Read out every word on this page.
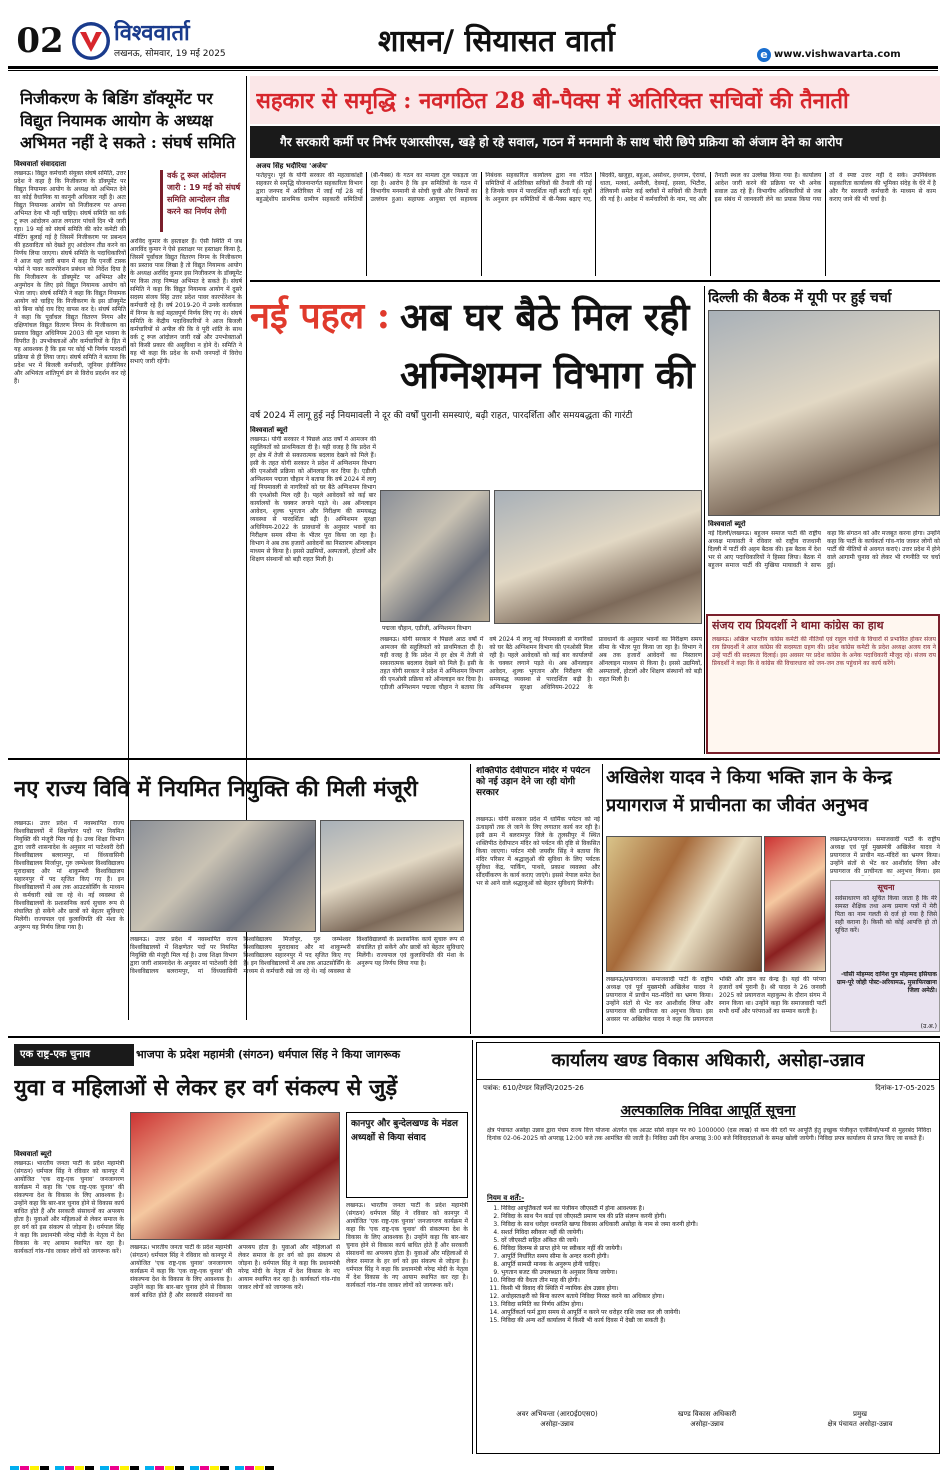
02 विश्ववार्ता
लखनऊ, सोमवार, 19 मई 2025	शासन/ सियासत वार्ता	e www.vishwavarta.com
निजीकरण के बिडिंग डॉक्यूमेंट पर विद्युत नियामक आयोग के अध्यक्ष अभिमत नहीं दे सकते : संघर्ष समिति
विश्ववार्ता संवाददाता
वर्क टू रूल आंदोलन जारी : 19 मई को संघर्ष समिति आन्दोलन तीव्र करने का निर्णय लेगी
लखनऊ। विद्युत कर्मचारी संयुक्त संघर्ष समिति, उत्तर प्रदेश ने कहा है कि निजीकरण के डॉक्यूमेंट पर विद्युत नियामक आयोग के अध्यक्ष को अभिमत देने का कोई वैधानिक या कानूनी अधिकार नहीं है। अतः विद्युत नियामक आयोग को निजीकरण पर अपना अभिमत देना भी नहीं चाहिए। संघर्ष समिति का वर्क टू रूल आंदोलन आज लगातार पांचवें दिन भी जारी रहा। 19 मई को संघर्ष समिति की कोर कमेटी की मीटिंग बुलाई गई है जिसमें निजीकरण पर प्रबन्धन की हठवादिता को देखते हुए आंदोलन तीव्र करने का निर्णय लिया जाएगा। संघर्ष समिति के पदाधिकारियों ने आज यहां जारी बयान में कहा कि एनर्जी टास्क फोर्स ने पावर कारपोरेशन प्रबंधन को निर्देश दिया है कि निजीकरण के डॉक्यूमेंट पर अभिमत और अनुमोदन के लिए इसे विद्युत नियामक आयोग को भेजा जाए। संघर्ष समिति ने कहा कि विद्युत नियामक आयोग को चाहिए कि निजीकरण के इस डॉक्यूमेंट को बिना कोई राय दिए वापस कर दे। संघर्ष समिति ने कहा कि पूर्वांचल विद्युत वितरण निगम और दक्षिणांचल विद्युत वितरण निगम के निजीकरण का प्रस्ताव विद्युत अधिनियम 2003 की मूल भावना के विपरीत है। उपभोक्ताओं और कर्मचारियों के हित में यह आवश्यक है कि इस पर कोई भी निर्णय पारदर्शी प्रक्रिया से ही लिया जाए। संघर्ष समिति ने बताया कि प्रदेश भर में बिजली कर्मचारी, जूनियर इंजीनियर और अभियंता शांतिपूर्ण ढंग से विरोध प्रदर्शन कर रहे हैं।
अरविंद कुमार के हस्ताक्षर हैं। ऐसी स्थिति में जब आरविंद कुमार ने ऐसे हस्ताक्षर पर हस्ताक्षर किया है, जिसमें पूर्वांचल विद्युत वितरण निगम के निजीकरण का प्रस्ताव पास लिखा है तो विद्युत नियामक आयोग के अध्यक्ष अरविंद कुमार इस निजीकरण के डॉक्यूमेंट पर किस तरह निष्पक्ष अभिमत दे सकते हैं। संघर्ष समिति ने कहा कि विद्युत नियामक आयोग में दूसरे सदस्य संजय सिंह उत्तर प्रदेश पावर कारपोरेशन के कर्मचारी रहे हैं। वर्ष 2019-20 में उनके कार्यकाल में निगम के कई महत्वपूर्ण निर्णय लिए गए थे। संघर्ष समिति के केंद्रीय पदाधिकारियों ने आज बिजली कर्मचारियों से अपील की कि वे पूरी शांति के साथ वर्क टू रूल आंदोलन जारी रखें और उपभोक्ताओं को किसी प्रकार की असुविधा न होने दें। समिति ने यह भी कहा कि प्रदेश के सभी जनपदों में विरोध सभाएं जारी रहेंगी।
सहकार से समृद्धि : नवगठित 28 बी-पैक्स में अतिरिक्त सचिवों की तैनाती
गैर सरकारी कर्मी पर निर्भर एआरसीएस, खड़े हो रहे सवाल, गठन में मनमानी के साथ चोरी छिपे प्रक्रिया को अंजाम देने का आरोप
अजय सिंह भदौरिया 'अजेय'
फतेहपुर। पूर्व के योगी सरकार की महत्वाकांक्षी सहकार से समृद्धि योजनान्तर्गत सहकारिता विभाग द्वारा जनपद में अतिरिक्त में जाई गईं 28 नई बहुउद्देशीय प्राथमिक ग्रामीण सहकारी समितियों (बी-पैक्स) के गठन का मामला तूल पकड़ता जा रहा है। आरोप है कि इन समितियों के गठन में विभागीय मनमानी से सोची कूची और नियमों का उल्लंघन हुआ। सहायक आयुक्त एवं सहायक निबंधक सहकारिता कार्यालय द्वारा नव गठित समितियों में अतिरिक्त सचिवों की तैनाती की गई है जिनके चयन में पारदर्शिता नहीं बरती गई। सूत्रों के अनुसार इन समितियों में बी-पैक्स बढ़ाए गए, बिंदकी, खजुहा, बहुआ, असोथर, हथगाम, ऐरायां, धाता, मलवां, अमौली, देवमई, हसवा, भिटौरा, तेलियानी समेत कई ब्लॉकों में सचिवों की तैनाती की गई है। आदेश में कर्मचारियों के नाम, पद और तैनाती स्थल का उल्लेख किया गया है। कार्यालय आदेश जारी करने की प्रक्रिया पर भी अनेक सवाल उठ रहे हैं। विभागीय अधिकारियों से जब इस संबंध में जानकारी लेने का प्रयास किया गया तो वे स्पष्ट उत्तर नहीं दे सके। उपनिबंधक सहकारिता कार्यालय की भूमिका संदेह के घेरे में है और गैर सरकारी कर्मचारी के माध्यम से काम कराए जाने की भी चर्चा है।
नई पहल : अब घर बैठे मिल रही अग्निशमन विभाग की
वर्ष 2024 में लागू हुई नई नियमावली ने दूर की वर्षों पुरानी समस्याएं, बढ़ी राहत, पारदर्शिता और समयबद्धता की गारंटी
पद्मजा चौहान, एडीजी, अग्निशमन विभाग
विश्ववार्ता ब्यूरो
लखनऊ। योगी सरकार ने पिछले आठ वर्षों में आमजन की सहूलियतों को प्राथमिकता दी है। यही वजह है कि प्रदेश में हर क्षेत्र में तेजी से सकारात्मक बदलाव देखने को मिले हैं। इसी के तहत योगी सरकार ने प्रदेश में अग्निशमन विभाग की एनओसी प्रक्रिया को ऑनलाइन कर दिया है। एडीजी अग्निशमन पद्मजा चौहान ने बताया कि वर्ष 2024 में लागू नई नियमावली से नागरिकों को घर बैठे अग्निशमन विभाग की एनओसी मिल रही है। पहले आवेदकों को कई बार कार्यालयों के चक्कर लगाने पड़ते थे। अब ऑनलाइन आवेदन, शुल्क भुगतान और निरीक्षण की समयबद्ध व्यवस्था से पारदर्शिता बढ़ी है। अग्निशमन सुरक्षा अधिनियम-2022 के प्रावधानों के अनुसार भवनों का निरीक्षण समय सीमा के भीतर पूरा किया जा रहा है। विभाग ने अब तक हजारों आवेदनों का निस्तारण ऑनलाइन माध्यम से किया है। इससे उद्यमियों, अस्पतालों, होटलों और शिक्षण संस्थानों को बड़ी राहत मिली है।
लखनऊ। योगी सरकार ने पिछले आठ वर्षों में आमजन की सहूलियतों को प्राथमिकता दी है। यही वजह है कि प्रदेश में हर क्षेत्र में तेजी से सकारात्मक बदलाव देखने को मिले हैं। इसी के तहत योगी सरकार ने प्रदेश में अग्निशमन विभाग की एनओसी प्रक्रिया को ऑनलाइन कर दिया है। एडीजी अग्निशमन पद्मजा चौहान ने बताया कि वर्ष 2024 में लागू नई नियमावली से नागरिकों को घर बैठे अग्निशमन विभाग की एनओसी मिल रही है। पहले आवेदकों को कई बार कार्यालयों के चक्कर लगाने पड़ते थे। अब ऑनलाइन आवेदन, शुल्क भुगतान और निरीक्षण की समयबद्ध व्यवस्था से पारदर्शिता बढ़ी है। अग्निशमन सुरक्षा अधिनियम-2022 के प्रावधानों के अनुसार भवनों का निरीक्षण समय सीमा के भीतर पूरा किया जा रहा है। विभाग ने अब तक हजारों आवेदनों का निस्तारण ऑनलाइन माध्यम से किया है। इससे उद्यमियों, अस्पतालों, होटलों और शिक्षण संस्थानों को बड़ी राहत मिली है।
दिल्ली की बैठक में यूपी पर हुई चर्चा
विश्ववार्ता ब्यूरो
नई दिल्ली/लखनऊ। बहुजन समाज पार्टी की राष्ट्रीय अध्यक्ष मायावती ने रविवार को राष्ट्रीय राजधानी दिल्ली में पार्टी की अहम बैठक की। इस बैठक में देश भर से आए पदाधिकारियों ने हिस्सा लिया। बैठक में बहुजन समाज पार्टी की मुखिया मायावती ने साफ कहा कि संगठन को और मजबूत करना होगा। उन्होंने कहा कि पार्टी के कार्यकर्ता गांव-गांव जाकर लोगों को पार्टी की नीतियों से अवगत कराएं। उत्तर प्रदेश में होने वाले आगामी चुनाव को लेकर भी रणनीति पर चर्चा हुई।
संजय राय प्रियदर्शी ने थामा कांग्रेस का हाथ
लखनऊ। अखिल भारतीय कांग्रेस कमेटी की नीतियों एवं राहुल गांधी के विचारों से प्रभावित होकर संजय राय प्रियदर्शी ने आज कांग्रेस की सदस्यता ग्रहण की। प्रदेश कांग्रेस कमेटी के प्रदेश अध्यक्ष अजय राय ने उन्हें पार्टी की सदस्यता दिलाई। इस अवसर पर प्रदेश कांग्रेस के अनेक पदाधिकारी मौजूद रहे। संजय राय प्रियदर्शी ने कहा कि वे कांग्रेस की विचारधारा को जन-जन तक पहुंचाने का कार्य करेंगे।
नए राज्य विवि में नियमित नियुक्ति की मिली मंजूरी
लखनऊ। उत्तर प्रदेश में नवस्थापित राज्य विश्वविद्यालयों में शिक्षणेतर पदों पर नियमित नियुक्ति की मंजूरी मिल गई है। उच्च शिक्षा विभाग द्वारा जारी शासनादेश के अनुसार मां पाटेश्वरी देवी विश्वविद्यालय बलरामपुर, मां विंध्यवासिनी विश्वविद्यालय मिर्जापुर, गुरु जम्भेश्वर विश्वविद्यालय मुरादाबाद और मां शाकुम्भरी विश्वविद्यालय सहारनपुर में पद सृजित किए गए हैं। इन विश्वविद्यालयों में अब तक आउटसोर्सिंग के माध्यम से कर्मचारी रखे जा रहे थे। नई व्यवस्था से विश्वविद्यालयों के प्रशासनिक कार्य सुचारु रूप से संचालित हो सकेंगे और छात्रों को बेहतर सुविधाएं मिलेंगी। राज्यपाल एवं कुलाधिपति की मंशा के अनुरूप यह निर्णय लिया गया है।
लखनऊ। उत्तर प्रदेश में नवस्थापित राज्य विश्वविद्यालयों में शिक्षणेतर पदों पर नियमित नियुक्ति की मंजूरी मिल गई है। उच्च शिक्षा विभाग द्वारा जारी शासनादेश के अनुसार मां पाटेश्वरी देवी विश्वविद्यालय बलरामपुर, मां विंध्यवासिनी विश्वविद्यालय मिर्जापुर, गुरु जम्भेश्वर विश्वविद्यालय मुरादाबाद और मां शाकुम्भरी विश्वविद्यालय सहारनपुर में पद सृजित किए गए हैं। इन विश्वविद्यालयों में अब तक आउटसोर्सिंग के माध्यम से कर्मचारी रखे जा रहे थे। नई व्यवस्था से विश्वविद्यालयों के प्रशासनिक कार्य सुचारु रूप से संचालित हो सकेंगे और छात्रों को बेहतर सुविधाएं मिलेंगी। राज्यपाल एवं कुलाधिपति की मंशा के अनुरूप यह निर्णय लिया गया है।
शक्तिपीठ देवीपाटन मंदिर में पर्यटन को नई उड़ान देने जा रही योगी सरकार
लखनऊ। योगी सरकार प्रदेश में धार्मिक पर्यटन को नई ऊंचाइयों तक ले जाने के लिए लगातार कार्य कर रही है। इसी क्रम में बलरामपुर जिले के तुलसीपुर में स्थित शक्तिपीठ देवीपाटन मंदिर को पर्यटन की दृष्टि से विकसित किया जाएगा। पर्यटन मंत्री जयवीर सिंह ने बताया कि मंदिर परिसर में श्रद्धालुओं की सुविधा के लिए पर्यटक सुविधा केंद्र, पार्किंग, पाथवे, प्रकाश व्यवस्था और सौंदर्यीकरण के कार्य कराए जाएंगे। इससे नेपाल समेत देश भर से आने वाले श्रद्धालुओं को बेहतर सुविधाएं मिलेंगी।
अखिलेश यादव ने किया भक्ति ज्ञान के केन्द्र प्रयागराज में प्राचीनता का जीवंत अनुभव
लखनऊ/प्रयागराज। समाजवादी पार्टी के राष्ट्रीय अध्यक्ष एवं पूर्व मुख्यमंत्री अखिलेश यादव ने प्रयागराज में प्राचीन मठ-मंदिरों का भ्रमण किया। उन्होंने संतों से भेंट कर आशीर्वाद लिया और प्रयागराज की प्राचीनता का अनुभव किया। इस अवसर पर अखिलेश यादव ने कहा कि प्रयागराज भक्ति और ज्ञान का केन्द्र है। यहां की परंपरा हजारों वर्ष पुरानी है। श्री यादव ने 26 जनवरी 2025 को प्रयागराज महाकुम्भ के दौरान संगम में स्नान किया था। उन्होंने कहा कि समाजवादी पार्टी सभी धर्मों और परंपराओं का सम्मान करती है।
लखनऊ/प्रयागराज। समाजवादी पार्टी के राष्ट्रीय अध्यक्ष एवं पूर्व मुख्यमंत्री अखिलेश यादव ने प्रयागराज में प्राचीन मठ-मंदिरों का भ्रमण किया। उन्होंने संतों से भेंट कर आशीर्वाद लिया और प्रयागराज की प्राचीनता का अनुभव किया। इस
सूचना
सर्वसाधारण को सूचित किया जाता है कि मेरे समस्त शैक्षिक तथा अन्य प्रमाण पत्रों में मेरी पिता का नाम गलती से दर्ज हो गया है जिसे सही कराना है। किसी को कोई आपत्ति हो तो सूचित करें।
-घोसी मोहम्मद दानिश पुत्र मोहम्मद इसियाक ग्राम-पूरे जोही पोस्ट-अरियामऊ, मुसाफिरखाना जिला अमेठी।
(उ.अ.)
एक राष्ट्र-एक चुनाव	भाजपा के प्रदेश महामंत्री (संगठन) धर्मपाल सिंह ने किया जागरूक
युवा व महिलाओं से लेकर हर वर्ग संकल्प से जुड़ें
विश्ववार्ता ब्यूरो
लखनऊ। भारतीय जनता पार्टी के प्रदेश महामंत्री (संगठन) धर्मपाल सिंह ने रविवार को कानपुर में आयोजित 'एक राष्ट्र-एक चुनाव' जनजागरण कार्यक्रम में कहा कि 'एक राष्ट्र-एक चुनाव' की संकल्पना देश के विकास के लिए आवश्यक है। उन्होंने कहा कि बार-बार चुनाव होने से विकास कार्य बाधित होते हैं और सरकारी संसाधनों का अपव्यय होता है। युवाओं और महिलाओं से लेकर समाज के हर वर्ग को इस संकल्प से जोड़ना है। धर्मपाल सिंह ने कहा कि प्रधानमंत्री नरेन्द्र मोदी के नेतृत्व में देश विकास के नए आयाम स्थापित कर रहा है। कार्यकर्ता गांव-गांव जाकर लोगों को जागरूक करें।
कानपुर और बुन्देलखण्ड के मंडल अध्यक्षों से किया संवाद
लखनऊ। भारतीय जनता पार्टी के प्रदेश महामंत्री (संगठन) धर्मपाल सिंह ने रविवार को कानपुर में आयोजित 'एक राष्ट्र-एक चुनाव' जनजागरण कार्यक्रम में कहा कि 'एक राष्ट्र-एक चुनाव' की संकल्पना देश के विकास के लिए आवश्यक है। उन्होंने कहा कि बार-बार चुनाव होने से विकास कार्य बाधित होते हैं और सरकारी संसाधनों का अपव्यय होता है। युवाओं और महिलाओं से लेकर समाज के हर वर्ग को इस संकल्प से जोड़ना है। धर्मपाल सिंह ने कहा कि प्रधानमंत्री नरेन्द्र मोदी के नेतृत्व में देश विकास के नए आयाम स्थापित कर रहा है। कार्यकर्ता गांव-गांव जाकर लोगों को जागरूक करें।
लखनऊ। भारतीय जनता पार्टी के प्रदेश महामंत्री (संगठन) धर्मपाल सिंह ने रविवार को कानपुर में आयोजित 'एक राष्ट्र-एक चुनाव' जनजागरण कार्यक्रम में कहा कि 'एक राष्ट्र-एक चुनाव' की संकल्पना देश के विकास के लिए आवश्यक है। उन्होंने कहा कि बार-बार चुनाव होने से विकास कार्य बाधित होते हैं और सरकारी संसाधनों का अपव्यय होता है। युवाओं और महिलाओं से लेकर समाज के हर वर्ग को इस संकल्प से जोड़ना है। धर्मपाल सिंह ने कहा कि प्रधानमंत्री नरेन्द्र मोदी के नेतृत्व में देश विकास के नए आयाम स्थापित कर रहा है। कार्यकर्ता गांव-गांव जाकर लोगों को जागरूक करें।
कार्यालय खण्ड विकास अधिकारी, असोहा-उन्नाव
पत्रांक: 610/टेण्डर विज्ञप्ति/2025-26	दिनांक-17-05-2025
अल्पकालिक निविदा आपूर्ति सूचना
क्षेत्र पंचायत असोहा उन्नाव द्वारा पंचम राज्य वित्त योजना अंतर्गत एक आउट सोर्स वाहन पर रु0 1000000 (दस लाख) से कम की दरों पर आपूर्ति हेतु इच्छुक पंजीकृत एजेंसियों/फर्मों से मुहरबंद निविदा दिनांक 02-06-2025 को अपराह्न 12:00 बजे तक आमंत्रित की जाती है। निविदा उसी दिन अपराह्न 3:00 बजे निविदादाताओं के समक्ष खोली जायेगी। निविदा प्रपत्र कार्यालय से प्राप्त किए जा सकते हैं।
नियम व शर्तें:-
1. निविदा आपूर्तिकर्ता फर्म का पंजीयन जीएसटी में होना आवश्यक है।
2. निविदा के साथ पैन कार्ड एवं जीएसटी प्रमाण पत्र की प्रति संलग्न करनी होगी।
3. निविदा के साथ धरोहर धनराशि खण्ड विकास अधिकारी असोहा के नाम से जमा करनी होगी।
4. सशर्त निविदा स्वीकार नहीं की जायेगी।
5. दरें जीएसटी सहित अंकित की जायें।
6. निविदा विलम्ब से प्राप्त होने पर स्वीकार नहीं की जायेगी।
7. आपूर्ति निर्धारित समय सीमा के अन्दर करनी होगी।
8. आपूर्ति सामग्री मानक के अनुरूप होनी चाहिए।
9. भुगतान बजट की उपलब्धता के अनुसार किया जायेगा।
10. निविदा की वैधता तीन माह की होगी।
11. किसी भी विवाद की स्थिति में न्यायिक क्षेत्र उन्नाव होगा।
12. अधोहस्ताक्षरी को बिना कारण बताये निविदा निरस्त करने का अधिकार होगा।
13. निविदा समिति का निर्णय अंतिम होगा।
14. आपूर्तिकर्ता फर्म द्वारा समय से आपूर्ति न करने पर धरोहर राशि जब्त कर ली जायेगी।
15. निविदा की अन्य शर्तें कार्यालय में किसी भी कार्य दिवस में देखी जा सकती हैं।
अवर अभियन्ता (आर0ई0एस0)
असोहा-उन्नाव
खण्ड विकास अधिकारी
असोहा-उन्नाव
प्रमुख
क्षेत्र पंचायत असोहा-उन्नाव
